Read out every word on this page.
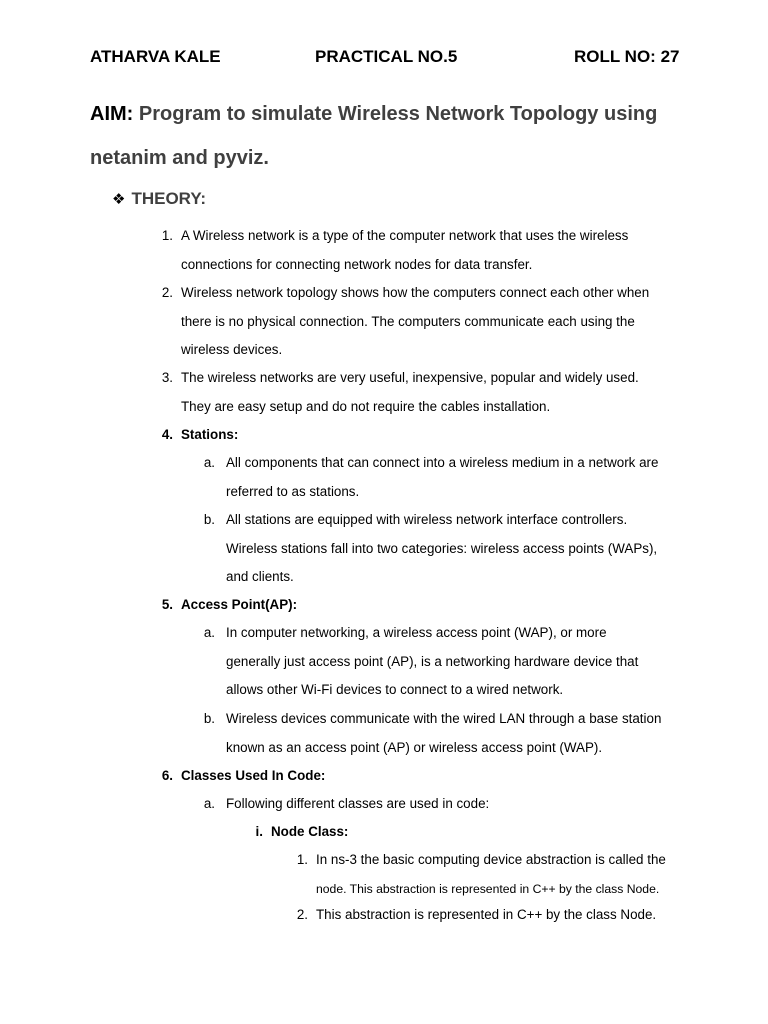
ATHARVA KALE	PRACTICAL NO.5	ROLL NO: 27
AIM: Program to simulate Wireless Network Topology using
netanim and pyviz.
❖ THEORY:
1. A Wireless network is a type of the computer network that uses the wireless
connections for connecting network nodes for data transfer.
2. Wireless network topology shows how the computers connect each other when
there is no physical connection. The computers communicate each using the
wireless devices.
3. The wireless networks are very useful, inexpensive, popular and widely used.
They are easy setup and do not require the cables installation.
4. Stations:
a. All components that can connect into a wireless medium in a network are
referred to as stations.
b. All stations are equipped with wireless network interface controllers.
Wireless stations fall into two categories: wireless access points (WAPs),
and clients.
5. Access Point(AP):
a. In computer networking, a wireless access point (WAP), or more
generally just access point (AP), is a networking hardware device that
allows other Wi-Fi devices to connect to a wired network.
b. Wireless devices communicate with the wired LAN through a base station
known as an access point (AP) or wireless access point (WAP).
6. Classes Used In Code:
a. Following different classes are used in code:
i. Node Class:
1. In ns-3 the basic computing device abstraction is called the
node. This abstraction is represented in C++ by the class Node.
2. This abstraction is represented in C++ by the class Node.
